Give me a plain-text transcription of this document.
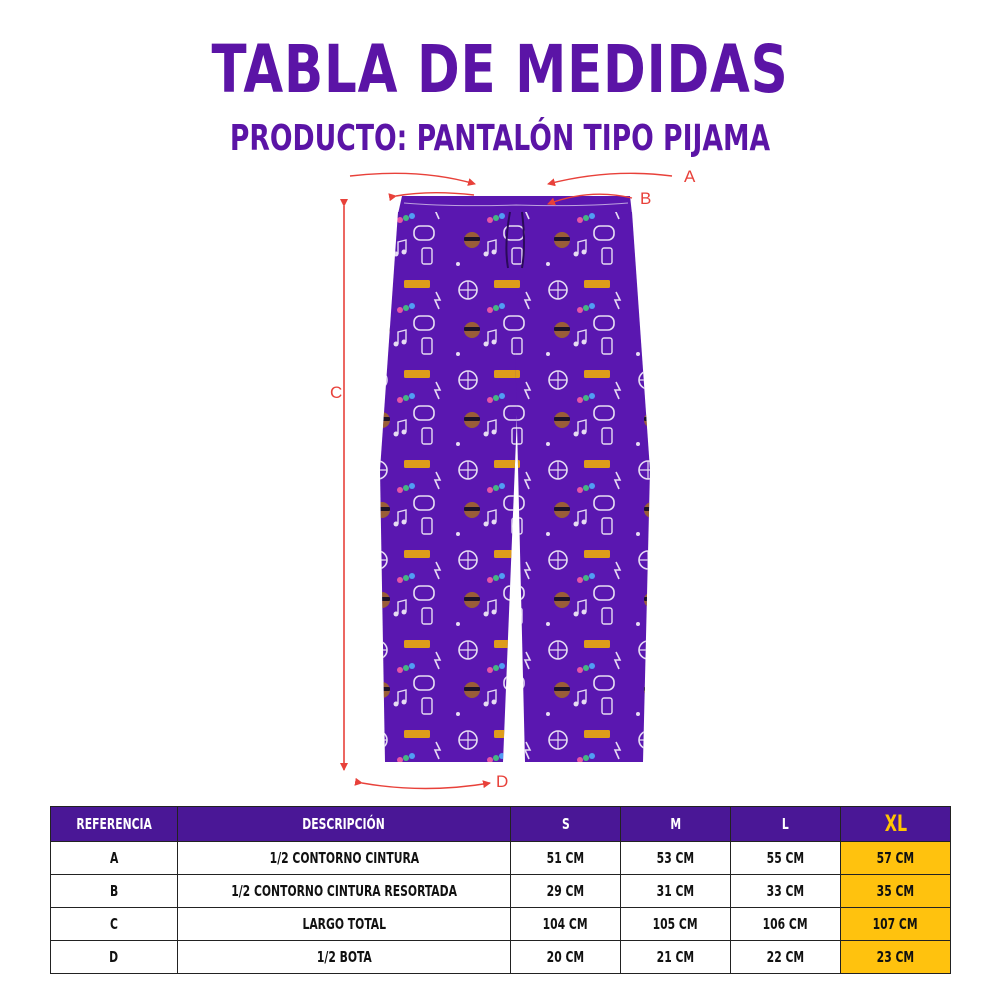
TABLA DE MEDIDAS
PRODUCTO: PANTALÓN TIPO PIJAMA
A
B
C
D
REFERENCIA	DESCRIPCIÓN	S	M	L	XL
A	1/2 CONTORNO CINTURA	51 CM	53 CM	55 CM	57 CM
B	1/2 CONTORNO CINTURA RESORTADA	29 CM	31 CM	33 CM	35 CM
C	LARGO TOTAL	104 CM	105 CM	106 CM	107 CM
D	1/2 BOTA	20 CM	21 CM	22 CM	23 CM
